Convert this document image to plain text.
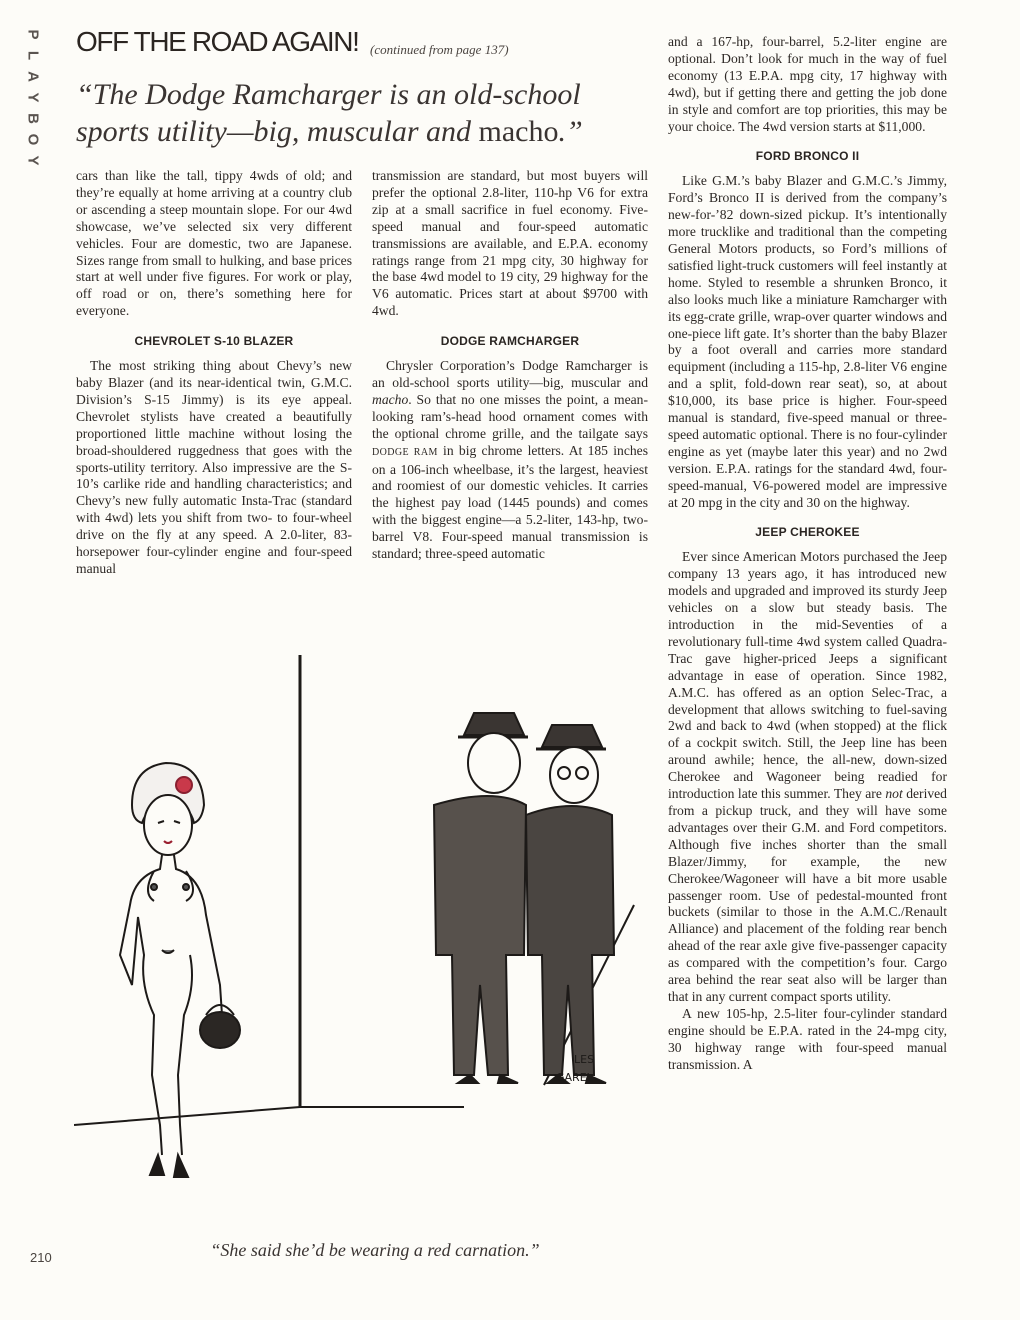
P
L
A
Y
B
O
Y
OFF THE ROAD AGAIN! (continued from page 137)
“The Dodge Ramcharger is an old-school sports utility—big, muscular and macho.”

cars than like the tall, tippy 4wds of old; and they’re equally at home arriving at a country club or ascending a steep mountain slope. For our 4wd showcase, we’ve selected six very different vehicles. Four are domestic, two are Japanese. Sizes range from small to hulking, and base prices start at well under five figures. For work or play, off road or on, there’s something here for everyone.

CHEVROLET S-10 BLAZER

The most striking thing about Chevy’s new baby Blazer (and its near-identical twin, G.M.C. Division’s S-15 Jimmy) is its eye appeal. Chevrolet stylists have created a beautifully proportioned little machine without losing the broad-shouldered ruggedness that goes with the sports-utility territory. Also impressive are the S-10’s carlike ride and handling characteristics; and Chevy’s new fully automatic Insta-Trac (standard with 4wd) lets you shift from two- to four-wheel drive on the fly at any speed. A 2.0-liter, 83-horsepower four-cylinder engine and four-speed manual

transmission are standard, but most buyers will prefer the optional 2.8-liter, 110-hp V6 for extra zip at a small sacrifice in fuel economy. Five-speed manual and four-speed automatic transmissions are available, and E.P.A. economy ratings range from 21 mpg city, 30 highway for the base 4wd model to 19 city, 29 highway for the V6 automatic. Prices start at about $9700 with 4wd.

DODGE RAMCHARGER

Chrysler Corporation’s Dodge Ramcharger is an old-school sports utility—big, muscular and macho. So that no one misses the point, a mean-looking ram’s-head hood ornament comes with the optional chrome grille, and the tailgate says DODGE RAM in big chrome letters. At 185 inches on a 106-inch wheelbase, it’s the largest, heaviest and roomiest of our domestic vehicles. It carries the highest pay load (1445 pounds) and comes with the biggest engine—a 5.2-liter, 143-hp, two-barrel V8. Four-speed manual transmission is standard; three-speed automatic

and a 167-hp, four-barrel, 5.2-liter engine are optional. Don’t look for much in the way of fuel economy (13 E.P.A. mpg city, 17 highway with 4wd), but if getting there and getting the job done in style and comfort are top priorities, this may be your choice. The 4wd version starts at $11,000.

FORD BRONCO II

Like G.M.’s baby Blazer and G.M.C.’s Jimmy, Ford’s Bronco II is derived from the company’s new-for-’82 down-sized pickup. It’s intentionally more trucklike and traditional than the competing General Motors products, so Ford’s millions of satisfied light-truck customers will feel instantly at home. Styled to resemble a shrunken Bronco, it also looks much like a miniature Ramcharger with its egg-crate grille, wrap-over quarter windows and one-piece lift gate. It’s shorter than the baby Blazer by a foot overall and carries more standard equipment (including a 115-hp, 2.8-liter V6 engine and a split, fold-down rear seat), so, at about $10,000, its base price is higher. Four-speed manual is standard, five-speed manual or three-speed automatic optional. There is no four-cylinder engine as yet (maybe later this year) and no 2wd version. E.P.A. ratings for the standard 4wd, four-speed-manual, V6-powered model are impressive at 20 mpg in the city and 30 on the highway.

JEEP CHEROKEE

Ever since American Motors purchased the Jeep company 13 years ago, it has introduced new models and upgraded and improved its sturdy Jeep vehicles on a slow but steady basis. The introduction in the mid-Seventies of a revolutionary full-time 4wd system called Quadra-Trac gave higher-priced Jeeps a significant advantage in ease of operation. Since 1982, A.M.C. has offered as an option Selec-Trac, a development that allows switching to fuel-saving 2wd and back to 4wd (when stopped) at the flick of a cockpit switch. Still, the Jeep line has been around awhile; hence, the all-new, down-sized Cherokee and Wagoneer being readied for introduction late this summer. They are not derived from a pickup truck, and they will have some advantages over their G.M. and Ford competitors. Although five inches shorter than the small Blazer/Jimmy, for example, the new Cherokee/Wagoneer will have a bit more usable passenger room. Use of pedestal-mounted front buckets (similar to those in the A.M.C./Renault Alliance) and placement of the folding rear bench ahead of the rear axle give five-passenger capacity as compared with the competition’s four. Cargo area behind the rear seat also will be larger than that in any current compact sports utility.

A new 105-hp, 2.5-liter four-cylinder standard engine should be E.P.A. rated in the 24-mpg city, 30 highway range with four-speed manual transmission. A

LES
GAREL
“She said she’d be wearing a red carnation.”
210
